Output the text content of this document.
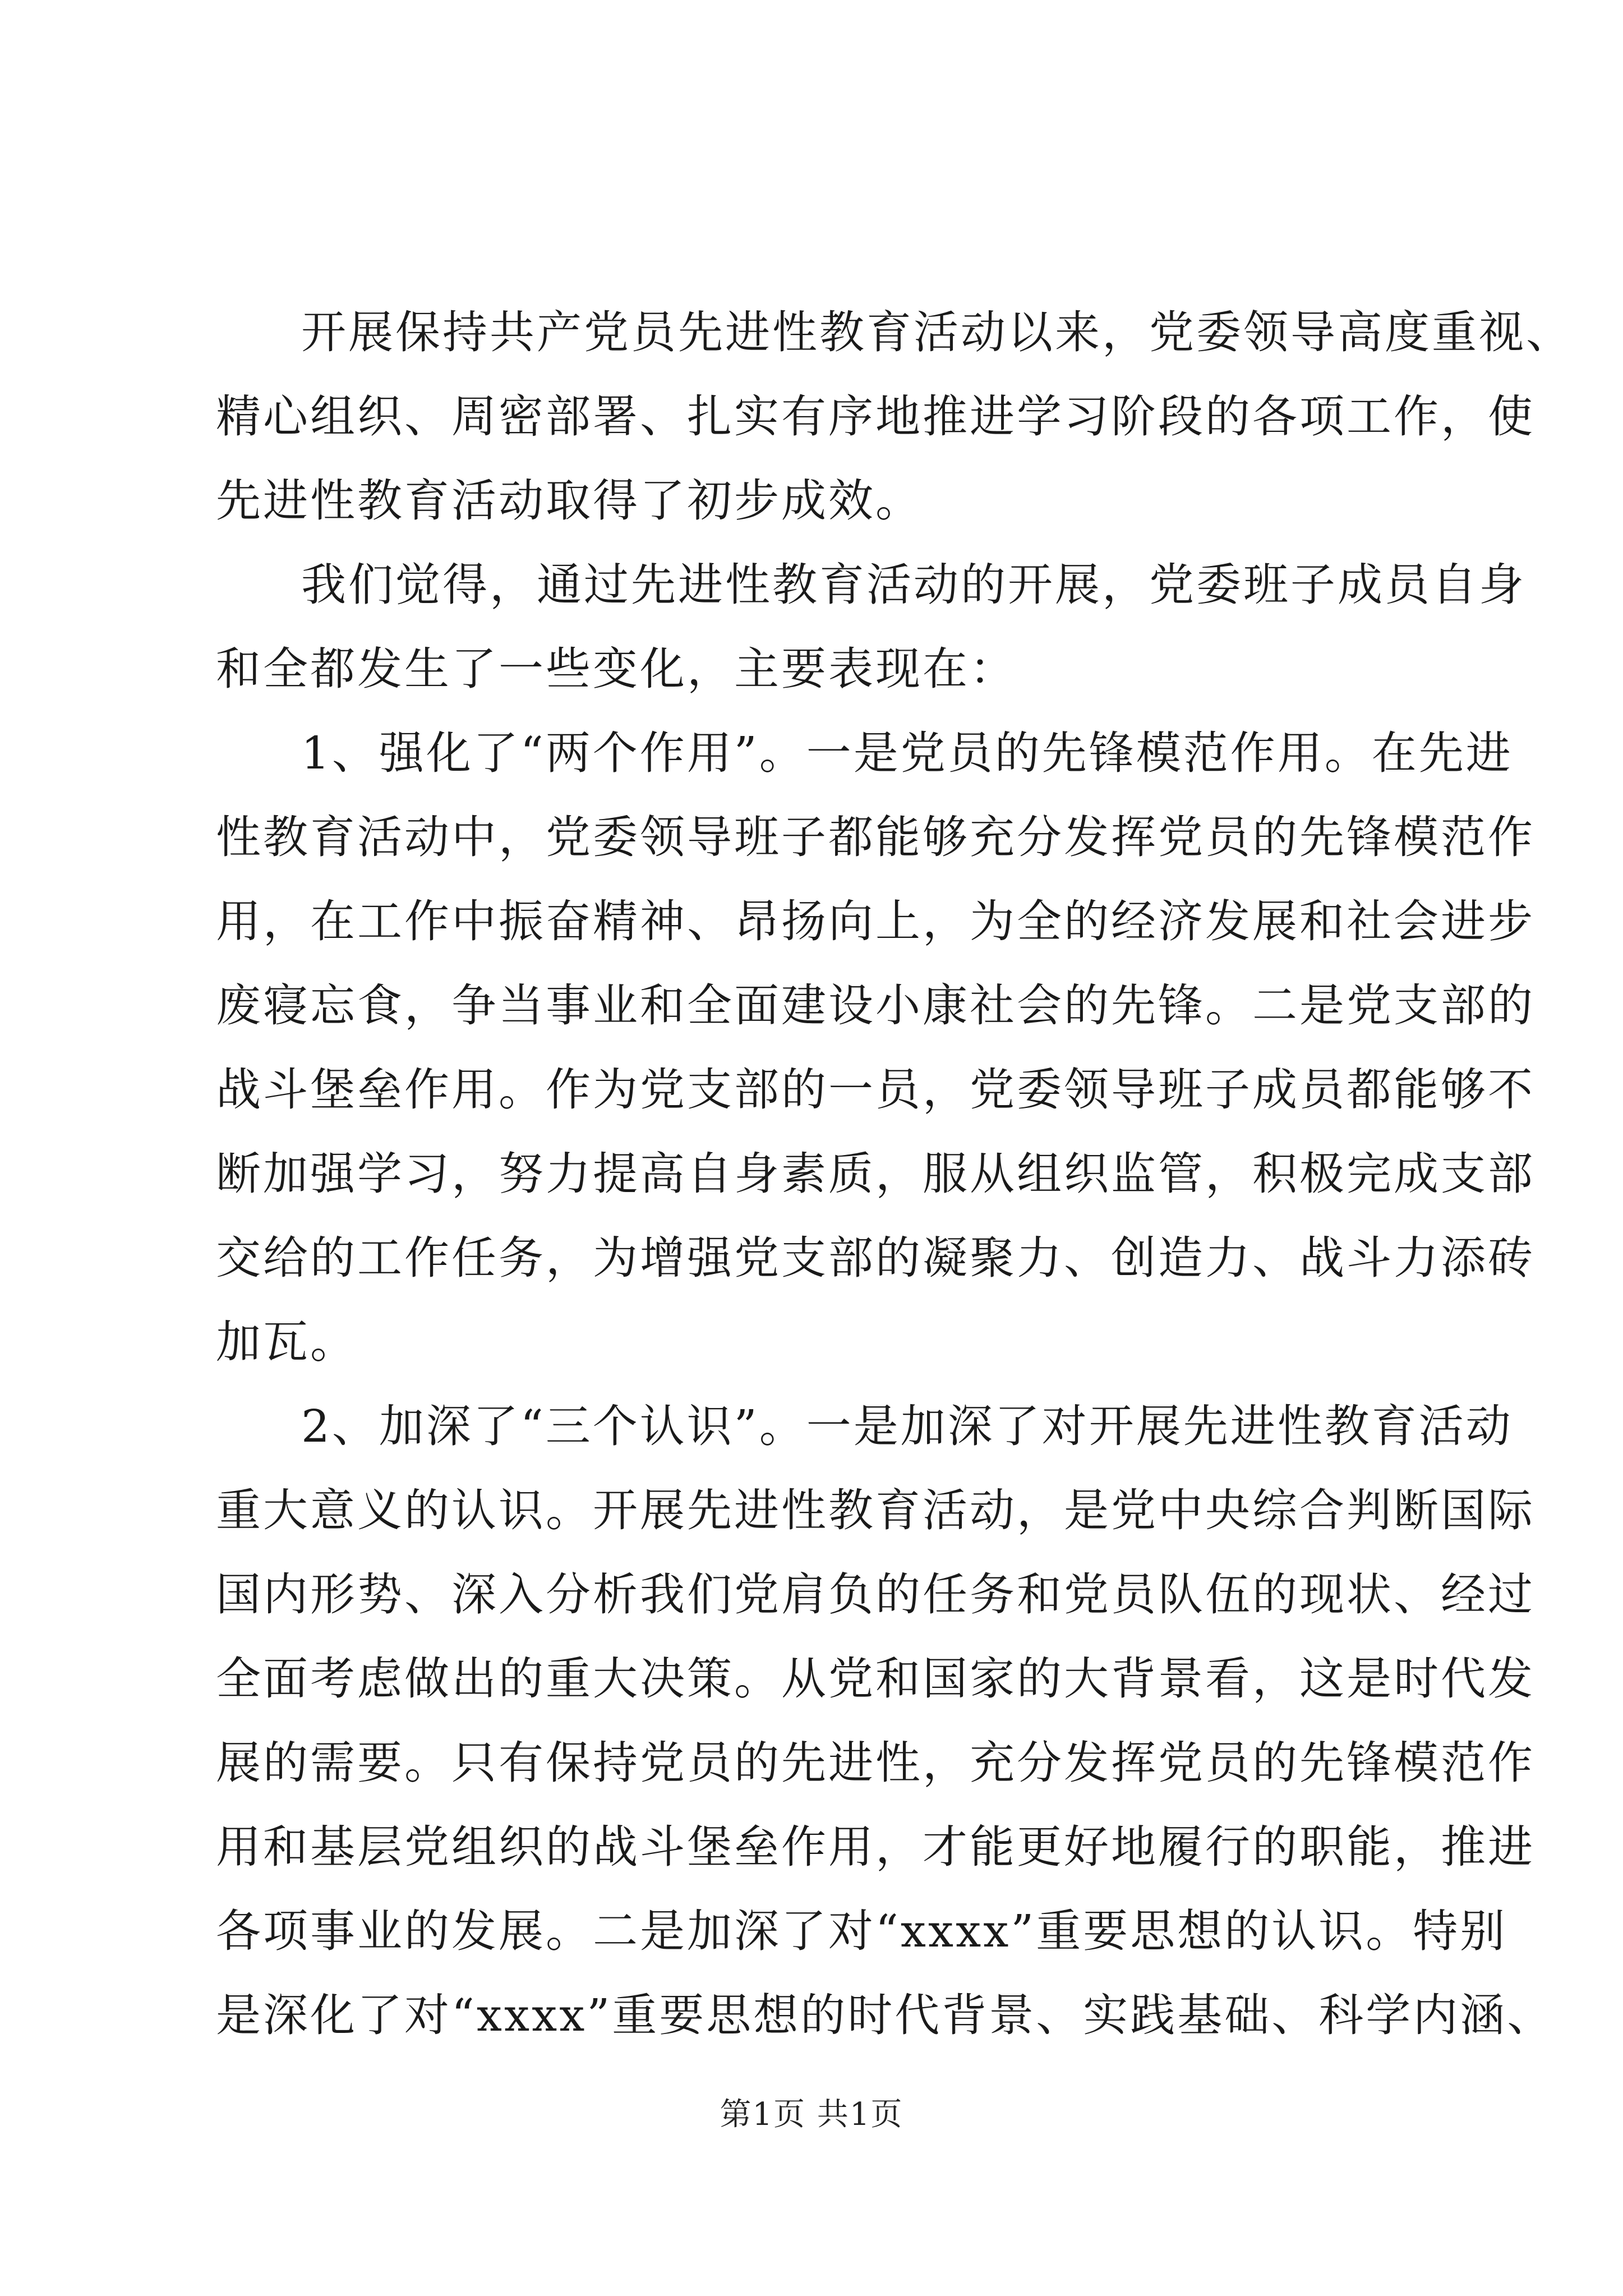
开展保持共产党员先进性教育活动以来，党委领导高度重视、
精心组织、周密部署、扎实有序地推进学习阶段的各项工作，使
先进性教育活动取得了初步成效。

我们觉得，通过先进性教育活动的开展，党委班子成员自身
和全都发生了一些变化，主要表现在：

1、强化了“两个作用”。一是党员的先锋模范作用。在先进
性教育活动中，党委领导班子都能够充分发挥党员的先锋模范作
用，在工作中振奋精神、昂扬向上，为全的经济发展和社会进步
废寝忘食，争当事业和全面建设小康社会的先锋。二是党支部的
战斗堡垒作用。作为党支部的一员，党委领导班子成员都能够不
断加强学习，努力提高自身素质，服从组织监管，积极完成支部
交给的工作任务，为增强党支部的凝聚力、创造力、战斗力添砖
加瓦。

2、加深了“三个认识”。一是加深了对开展先进性教育活动
重大意义的认识。开展先进性教育活动，是党中央综合判断国际
国内形势、深入分析我们党肩负的任务和党员队伍的现状、经过
全面考虑做出的重大决策。从党和国家的大背景看，这是时代发
展的需要。只有保持党员的先进性，充分发挥党员的先锋模范作
用和基层党组织的战斗堡垒作用，才能更好地履行的职能，推进
各项事业的发展。二是加深了对“xxxx”重要思想的认识。特别
是深化了对“xxxx”重要思想的时代背景、实践基础、科学内涵、

第1页 共1页
